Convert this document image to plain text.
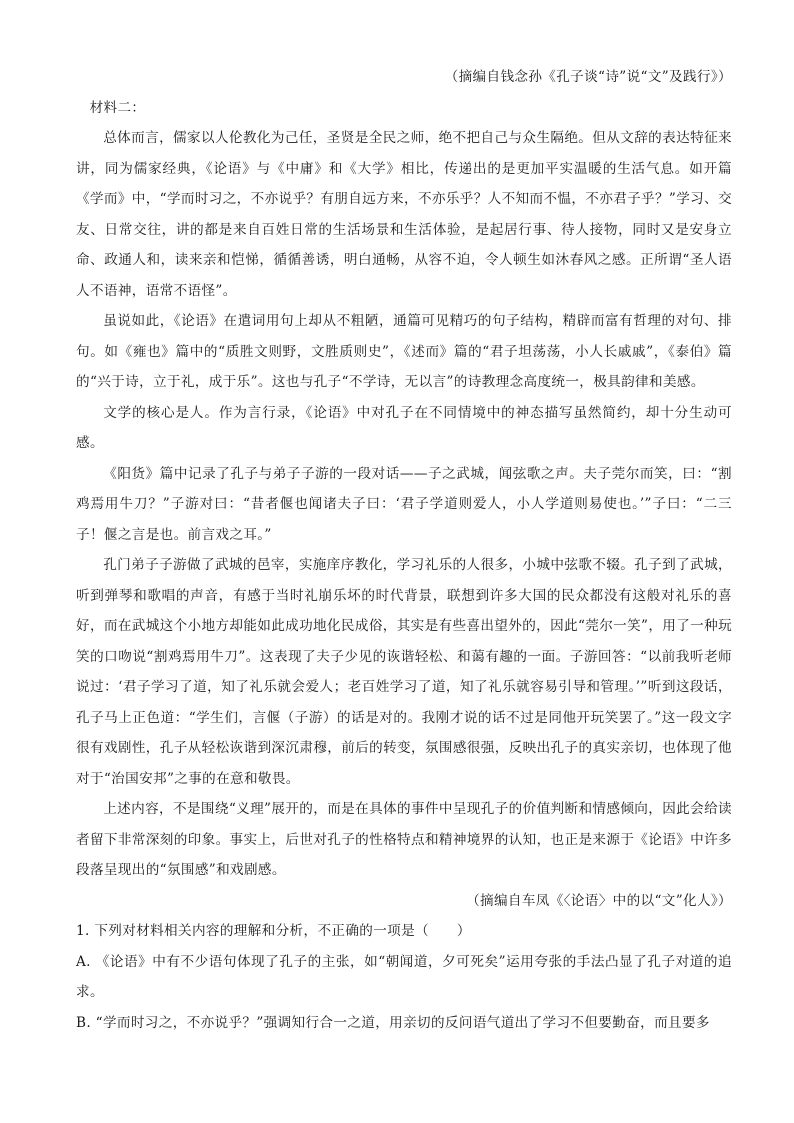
（摘编自钱念孙《孔子谈“诗”说“文”及践行》）
材料二：

总体而言，儒家以人伦教化为己任，圣贤是全民之师，绝不把自己与众生隔绝。但从文辞的表达特征来讲，同为儒家经典，《论语》与《中庸》和《大学》相比，传递出的是更加平实温暖的生活气息。如开篇《学而》中，“学而时习之，不亦说乎？有朋自远方来，不亦乐乎？人不知而不愠，不亦君子乎？”学习、交友、日常交往，讲的都是来自百姓日常的生活场景和生活体验，是起居行事、待人接物，同时又是安身立命、政通人和，读来亲和恺悌，循循善诱，明白通畅，从容不迫，令人顿生如沐春风之感。正所谓“圣人语人不语神，语常不语怪”。

虽说如此，《论语》在遣词用句上却从不粗陋，通篇可见精巧的句子结构，精辟而富有哲理的对句、排句。如《雍也》篇中的“质胜文则野，文胜质则史”，《述而》篇的“君子坦荡荡，小人长戚戚”，《泰伯》篇的“兴于诗，立于礼，成于乐”。这也与孔子“不学诗，无以言”的诗教理念高度统一，极具韵律和美感。

文学的核心是人。作为言行录，《论语》中对孔子在不同情境中的神态描写虽然简约，却十分生动可感。

《阳货》篇中记录了孔子与弟子子游的一段对话——子之武城，闻弦歌之声。夫子莞尔而笑，曰：“割鸡焉用牛刀？”子游对曰：“昔者偃也闻诸夫子曰：‘君子学道则爱人，小人学道则易使也。’”子曰：“二三子！偃之言是也。前言戏之耳。”

孔门弟子子游做了武城的邑宰，实施庠序教化，学习礼乐的人很多，小城中弦歌不辍。孔子到了武城，听到弹琴和歌唱的声音，有感于当时礼崩乐坏的时代背景，联想到许多大国的民众都没有这般对礼乐的喜好，而在武城这个小地方却能如此成功地化民成俗，其实是有些喜出望外的，因此“莞尔一笑”，用了一种玩笑的口吻说“割鸡焉用牛刀”。这表现了夫子少见的诙谐轻松、和蔼有趣的一面。子游回答：“以前我听老师说过：‘君子学习了道，知了礼乐就会爱人；老百姓学习了道，知了礼乐就容易引导和管理。’”听到这段话，孔子马上正色道：“学生们，言偃（子游）的话是对的。我刚才说的话不过是同他开玩笑罢了。”这一段文字很有戏剧性，孔子从轻松诙谐到深沉肃穆，前后的转变，氛围感很强，反映出孔子的真实亲切，也体现了他对于“治国安邦”之事的在意和敬畏。

上述内容，不是围绕“义理”展开的，而是在具体的事件中呈现孔子的价值判断和情感倾向，因此会给读者留下非常深刻的印象。事实上，后世对孔子的性格特点和精神境界的认知，也正是来源于《论语》中许多段落呈现出的“氛围感”和戏剧感。

（摘编自车凤《〈论语〉中的以“文”化人》）

1. 下列对材料相关内容的理解和分析，不正确的一项是（　　）

A. 《论语》中有不少语句体现了孔子的主张，如“朝闻道，夕可死矣”运用夸张的手法凸显了孔子对道的追求。

B. “学而时习之，不亦说乎？”强调知行合一之道，用亲切的反问语气道出了学习不但要勤奋，而且要多
